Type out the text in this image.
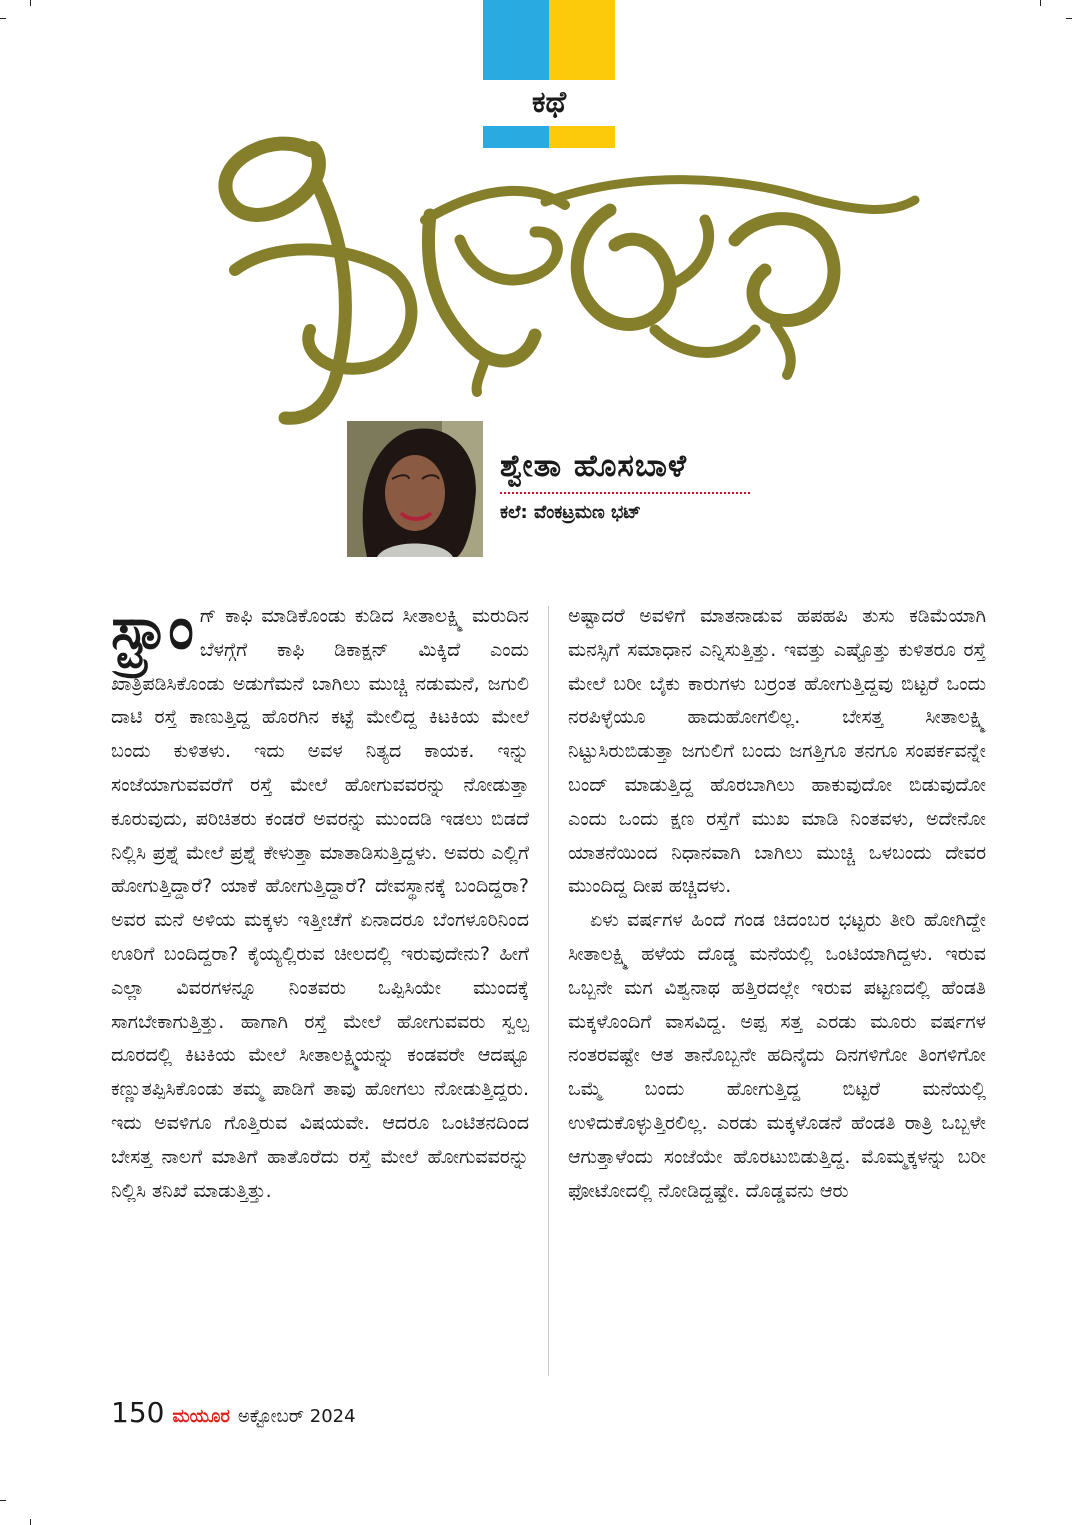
ಕಥೆ
ಶ್ವೇತಾ ಹೊಸಬಾಳೆ
ಕಲೆ: ವೆಂಕಟ್ರಮಣ ಭಟ್

ಸ್ಟ್ರಾಂ ಗ್ ಕಾಫಿ ಮಾಡಿಕೊಂಡು ಕುಡಿದ ಸೀತಾಲಕ್ಷ್ಮಿ ಮರುದಿನ ಬೆಳಗ್ಗೆಗೆ ಕಾಫಿ ಡಿಕಾಕ್ಷನ್ ಮಿಕ್ಕಿದೆ ಎಂದು ಖಾತ್ರಿಪಡಿಸಿಕೊಂಡು ಅಡುಗೆಮನೆ ಬಾಗಿಲು ಮುಚ್ಚಿ ನಡುಮನೆ, ಜಗುಲಿ ದಾಟಿ ರಸ್ತೆ ಕಾಣುತ್ತಿದ್ದ ಹೊರಗಿನ ಕಟ್ಟೆ ಮೇಲಿದ್ದ ಕಿಟಕಿಯ ಮೇಲೆ ಬಂದು ಕುಳಿತಳು. ಇದು ಅವಳ ನಿತ್ಯದ ಕಾಯಕ. ಇನ್ನು ಸಂಜೆಯಾಗುವವರೆಗೆ ರಸ್ತೆ ಮೇಲೆ ಹೋಗುವವರನ್ನು ನೋಡುತ್ತಾ ಕೂರುವುದು, ಪರಿಚಿತರು ಕಂಡರೆ ಅವರನ್ನು ಮುಂದಡಿ ಇಡಲು ಬಿಡದೆ ನಿಲ್ಲಿಸಿ ಪ್ರಶ್ನೆ ಮೇಲೆ ಪ್ರಶ್ನೆ ಕೇಳುತ್ತಾ ಮಾತಾಡಿಸುತ್ತಿದ್ದಳು. ಅವರು ಎಲ್ಲಿಗೆ ಹೋಗುತ್ತಿದ್ದಾರೆ? ಯಾಕೆ ಹೋಗುತ್ತಿದ್ದಾರೆ? ದೇವಸ್ಥಾನಕ್ಕೆ ಬಂದಿದ್ದರಾ? ಅವರ ಮನೆ ಅಳಿಯ ಮಕ್ಕಳು ಇತ್ತೀಚೆಗೆ ಏನಾದರೂ ಬೆಂಗಳೂರಿನಿಂದ ಊರಿಗೆ ಬಂದಿದ್ದರಾ? ಕೈಯ್ಯಲ್ಲಿರುವ ಚೀಲದಲ್ಲಿ ಇರುವುದೇನು? ಹೀಗೆ ಎಲ್ಲಾ ವಿವರಗಳನ್ನೂ ನಿಂತವರು ಒಪ್ಪಿಸಿಯೇ ಮುಂದಕ್ಕೆ ಸಾಗಬೇಕಾಗುತ್ತಿತ್ತು. ಹಾಗಾಗಿ ರಸ್ತೆ ಮೇಲೆ ಹೋಗುವವರು ಸ್ವಲ್ಪ ದೂರದಲ್ಲಿ ಕಿಟಕಿಯ ಮೇಲೆ ಸೀತಾಲಕ್ಷ್ಮಿಯನ್ನು ಕಂಡವರೇ ಆದಷ್ಟೂ ಕಣ್ಣುತಪ್ಪಿಸಿಕೊಂಡು ತಮ್ಮ ಪಾಡಿಗೆ ತಾವು ಹೋಗಲು ನೋಡುತ್ತಿದ್ದರು. ಇದು ಅವಳಿಗೂ ಗೊತ್ತಿರುವ ವಿಷಯವೇ. ಆದರೂ ಒಂಟಿತನದಿಂದ ಬೇಸತ್ತ ನಾಲಗೆ ಮಾತಿಗೆ ಹಾತೊರೆದು ರಸ್ತೆ ಮೇಲೆ ಹೋಗುವವರನ್ನು ನಿಲ್ಲಿಸಿ ತನಿಖೆ ಮಾಡುತ್ತಿತ್ತು.

ಅಷ್ಟಾದರೆ ಅವಳಿಗೆ ಮಾತನಾಡುವ ಹಪಹಪಿ ತುಸು ಕಡಿಮೆಯಾಗಿ ಮನಸ್ಸಿಗೆ ಸಮಾಧಾನ ಎನ್ನಿಸುತ್ತಿತ್ತು. ಇವತ್ತು ಎಷ್ಟೊತ್ತು ಕುಳಿತರೂ ರಸ್ತೆ ಮೇಲೆ ಬರೀ ಬೈಕು ಕಾರುಗಳು ಬರ್ರಂತ ಹೋಗುತ್ತಿದ್ದವು ಬಿಟ್ಟರೆ ಒಂದು ನರಪಿಳ್ಳೆಯೂ ಹಾದುಹೋಗಲಿಲ್ಲ. ಬೇಸತ್ತ ಸೀತಾಲಕ್ಷ್ಮಿ ನಿಟ್ಟುಸಿರುಬಿಡುತ್ತಾ ಜಗುಲಿಗೆ ಬಂದು ಜಗತ್ತಿಗೂ ತನಗೂ ಸಂಪರ್ಕವನ್ನೇ ಬಂದ್ ಮಾಡುತ್ತಿದ್ದ ಹೊರಬಾಗಿಲು ಹಾಕುವುದೋ ಬಿಡುವುದೋ ಎಂದು ಒಂದು ಕ್ಷಣ ರಸ್ತೆಗೆ ಮುಖ ಮಾಡಿ ನಿಂತವಳು, ಅದೇನೋ ಯಾತನೆಯಿಂದ ನಿಧಾನವಾಗಿ ಬಾಗಿಲು ಮುಚ್ಚಿ ಒಳಬಂದು ದೇವರ ಮುಂದಿದ್ದ ದೀಪ ಹಚ್ಚಿದಳು.

ಏಳು ವರ್ಷಗಳ ಹಿಂದೆ ಗಂಡ ಚಿದಂಬರ ಭಟ್ಟರು ತೀರಿ ಹೋಗಿದ್ದೇ ಸೀತಾಲಕ್ಷ್ಮಿ ಹಳೆಯ ದೊಡ್ಡ ಮನೆಯಲ್ಲಿ ಒಂಟಿಯಾಗಿದ್ದಳು. ಇರುವ ಒಬ್ಬನೇ ಮಗ ವಿಶ್ವನಾಥ ಹತ್ತಿರದಲ್ಲೇ ಇರುವ ಪಟ್ಟಣದಲ್ಲಿ ಹೆಂಡತಿ ಮಕ್ಕಳೊಂದಿಗೆ ವಾಸವಿದ್ದ. ಅಪ್ಪ ಸತ್ತ ಎರಡು ಮೂರು ವರ್ಷಗಳ ನಂತರವಷ್ಟೇ ಆತ ತಾನೊಬ್ಬನೇ ಹದಿನೈದು ದಿನಗಳಿಗೋ ತಿಂಗಳಿಗೋ ಒಮ್ಮೆ ಬಂದು ಹೋಗುತ್ತಿದ್ದ ಬಿಟ್ಟರೆ ಮನೆಯಲ್ಲಿ ಉಳಿದುಕೊಳ್ಳುತ್ತಿರಲಿಲ್ಲ. ಎರಡು ಮಕ್ಕಳೊಡನೆ ಹೆಂಡತಿ ರಾತ್ರಿ ಒಬ್ಬಳೇ ಆಗುತ್ತಾಳೆಂದು ಸಂಜೆಯೇ ಹೊರಟುಬಿಡುತ್ತಿದ್ದ. ಮೊಮ್ಮಕ್ಕಳನ್ನು ಬರೀ ಫೋಟೋದಲ್ಲಿ ನೋಡಿದ್ದಷ್ಟೇ. ದೊಡ್ಡವನು ಆರು

150 ಮಯೂರ ಅಕ್ಟೋಬರ್ 2024
